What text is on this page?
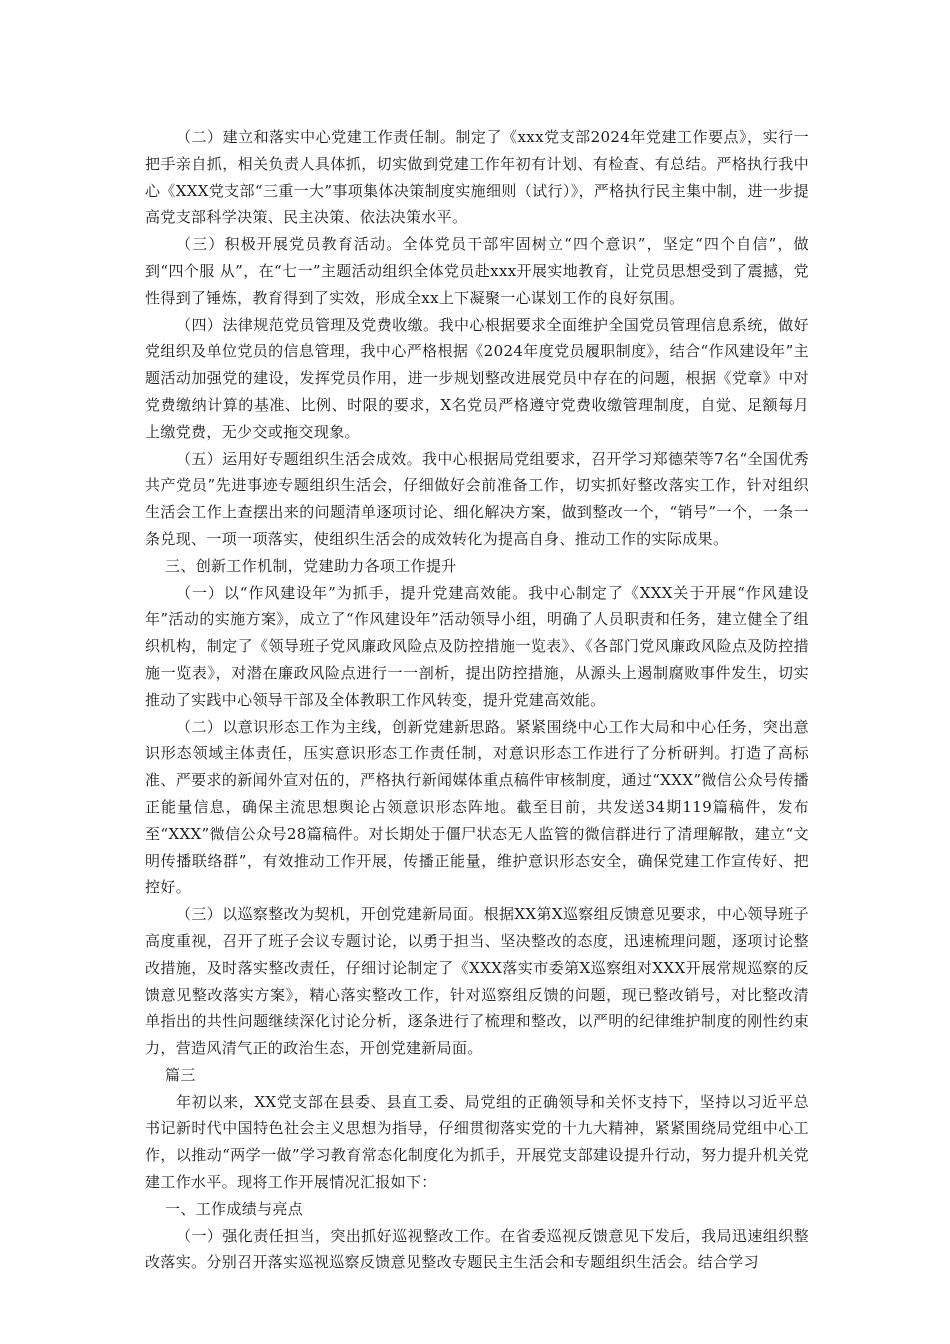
（二）建立和落实中心党建工作责任制。制定了《xxx党支部2024年党建工作要点》，实行一把手亲自抓，相关负责人具体抓，切实做到党建工作年初有计划、有检查、有总结。严格执行我中心《XXX党支部“三重一大”事项集体决策制度实施细则（试行）》，严格执行民主集中制，进一步提高党支部科学决策、民主决策、依法决策水平。

（三）积极开展党员教育活动。全体党员干部牢固树立“四个意识”，坚定“四个自信”，做到“四个服 从”，在“七一”主题活动组织全体党员赴xxx开展实地教育，让党员思想受到了震撼，党性得到了锤炼，教育得到了实效，形成全xx上下凝聚一心谋划工作的良好氛围。

（四）法律规范党员管理及党费收缴。我中心根据要求全面维护全国党员管理信息系统，做好党组织及单位党员的信息管理，我中心严格根据《2024年度党员履职制度》，结合“作风建设年”主题活动加强党的建设，发挥党员作用，进一步规划整改进展党员中存在的问题，根据《党章》中对党费缴纳计算的基准、比例、时限的要求，X名党员严格遵守党费收缴管理制度，自觉、足额每月上缴党费，无少交或拖交现象。

（五）运用好专题组织生活会成效。我中心根据局党组要求，召开学习郑德荣等7名“全国优秀共产党员”先进事迹专题组织生活会，仔细做好会前准备工作，切实抓好整改落实工作，针对组织生活会工作上查摆出来的问题清单逐项讨论、细化解决方案，做到整改一个，“销号”一个，一条一条兑现、一项一项落实，使组织生活会的成效转化为提高自身、推动工作的实际成果。

三、创新工作机制，党建助力各项工作提升

（一）以“作风建设年”为抓手，提升党建高效能。我中心制定了《XXX关于开展“作风建设年”活动的实施方案》，成立了“作风建设年”活动领导小组，明确了人员职责和任务，建立健全了组织机构，制定了《领导班子党风廉政风险点及防控措施一览表》、《各部门党风廉政风险点及防控措施一览表》，对潜在廉政风险点进行一一剖析，提出防控措施，从源头上遏制腐败事件发生，切实推动了实践中心领导干部及全体教职工作风转变，提升党建高效能。

（二）以意识形态工作为主线，创新党建新思路。紧紧围绕中心工作大局和中心任务，突出意识形态领域主体责任，压实意识形态工作责任制，对意识形态工作进行了分析研判。打造了高标准、严要求的新闻外宣对伍的，严格执行新闻媒体重点稿件审核制度，通过“XXX”微信公众号传播正能量信息，确保主流思想舆论占领意识形态阵地。截至目前，共发送34期119篇稿件，发布至“XXX”微信公众号28篇稿件。对长期处于僵尸状态无人监管的微信群进行了清理解散，建立“文明传播联络群”，有效推动工作开展，传播正能量，维护意识形态安全，确保党建工作宣传好、把控好。

（三）以巡察整改为契机，开创党建新局面。根据XX第X巡察组反馈意见要求，中心领导班子高度重视，召开了班子会议专题讨论，以勇于担当、坚决整改的态度，迅速梳理问题，逐项讨论整改措施，及时落实整改责任，仔细讨论制定了《XXX落实市委第X巡察组对XXX开展常规巡察的反馈意见整改落实方案》，精心落实整改工作，针对巡察组反馈的问题，现已整改销号，对比整改清单指出的共性问题继续深化讨论分析，逐条进行了梳理和整改，以严明的纪律维护制度的刚性约束力，营造风清气正的政治生态，开创党建新局面。

篇三

年初以来，XX党支部在县委、县直工委、局党组的正确领导和关怀支持下，坚持以习近平总书记新时代中国特色社会主义思想为指导，仔细贯彻落实党的十九大精神，紧紧围绕局党组中心工作，以推动“两学一做”学习教育常态化制度化为抓手，开展党支部建设提升行动，努力提升机关党建工作水平。现将工作开展情况汇报如下：

一、工作成绩与亮点

（一）强化责任担当，突出抓好巡视整改工作。在省委巡视反馈意见下发后，我局迅速组织整改落实。分别召开落实巡视巡察反馈意见整改专题民主生活会和专题组织生活会。结合学习
